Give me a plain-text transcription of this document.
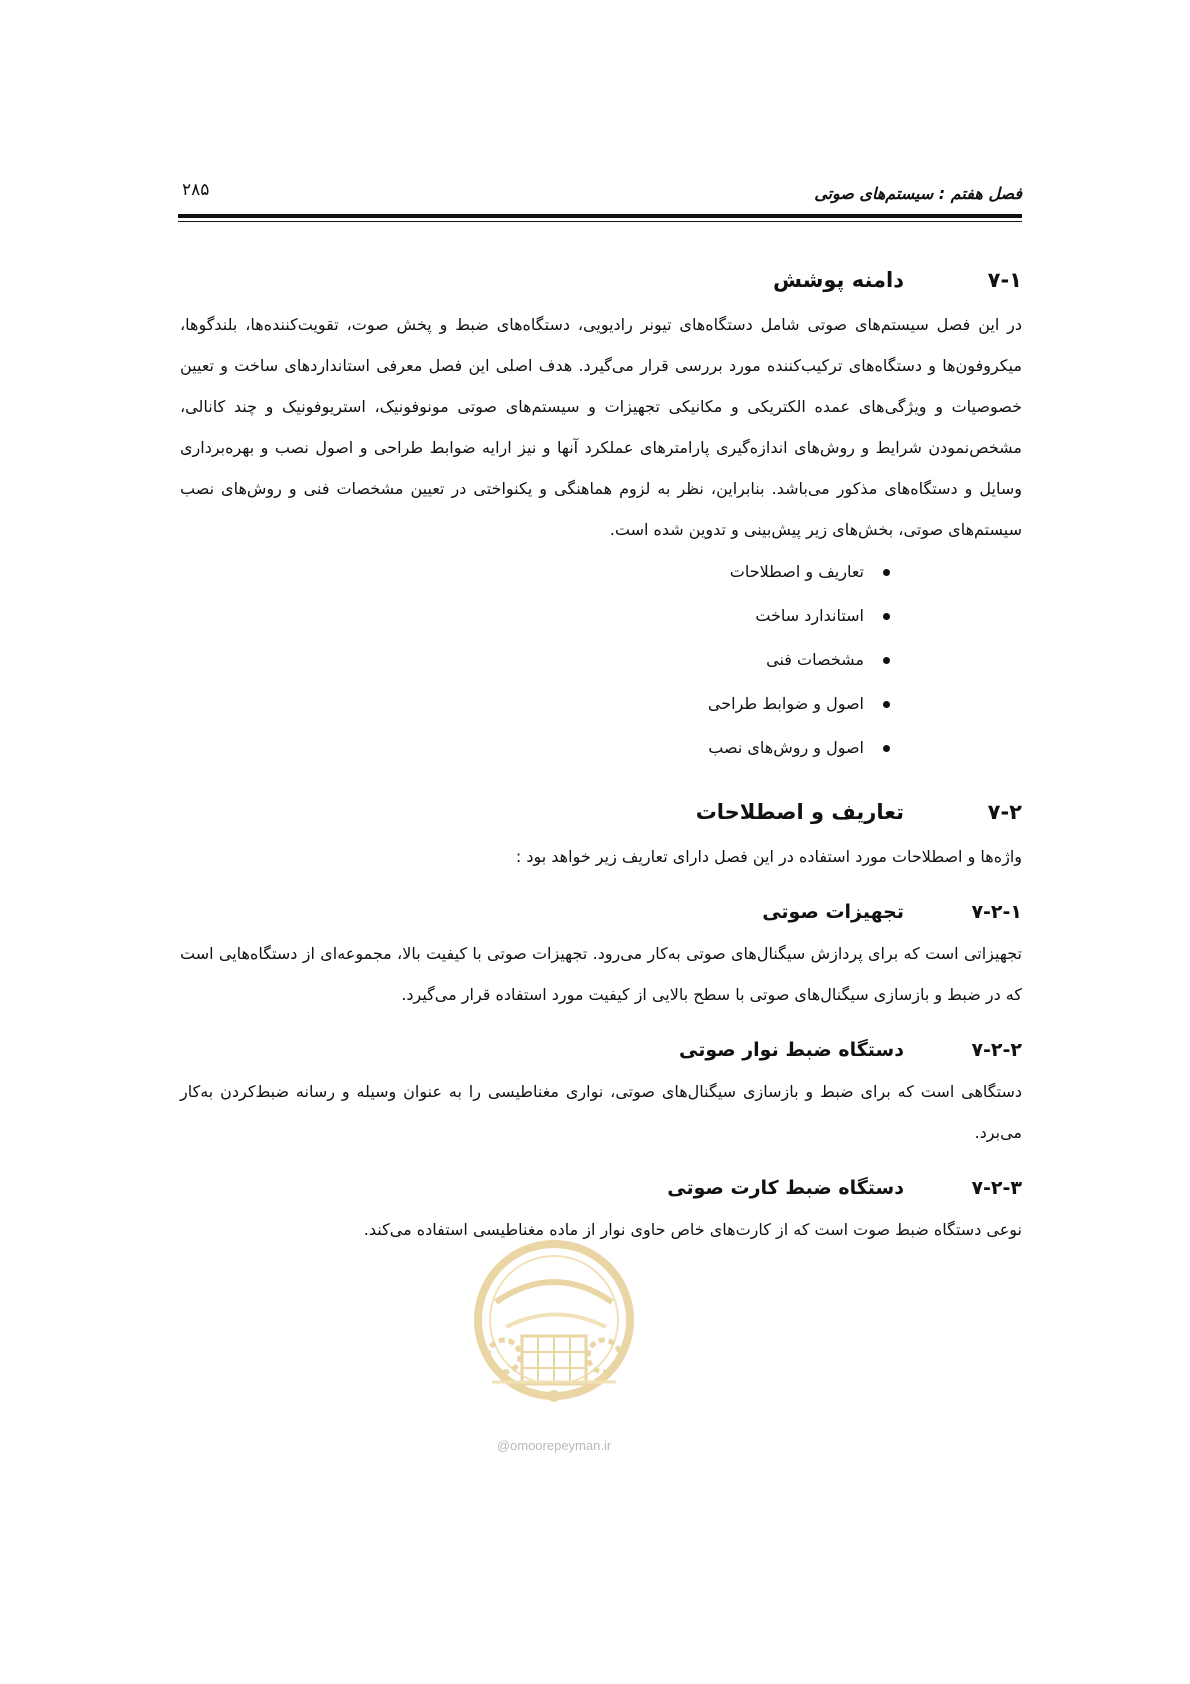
فصل هفتم : سیستم‌های صوتی
۲۸۵
۷-۱
دامنه پوشش

در این فصل سیستم‌های صوتی شامل دستگاه‌های تیونر رادیویی، دستگاه‌های ضبط و پخش صوت، تقویت‌کننده‌ها، بلندگوها، میکروفون‌ها و دستگاه‌های ترکیب‌کننده مورد بررسی قرار می‌گیرد. هدف اصلی این فصل معرفی استانداردهای ساخت و تعیین خصوصیات و ویژگی‌های عمده الکتریکی و مکانیکی تجهیزات و سیستم‌های صوتی مونوفونیک، استریوفونیک و چند کانالی، مشخص‌نمودن شرایط و روش‌های اندازه‌گیری پارامترهای عملکرد آنها و نیز ارایه ضوابط طراحی و اصول نصب و بهره‌برداری وسایل و دستگاه‌های مذکور می‌باشد. بنابراین، نظر به لزوم هماهنگی و یکنواختی در تعیین مشخصات فنی و روش‌های نصب سیستم‌های صوتی، بخش‌های زیر پیش‌بینی و تدوین شده است.

تعاریف و اصطلاحات
استاندارد ساخت
مشخصات فنی
اصول و ضوابط طراحی
اصول و روش‌های نصب
۷-۲
تعاریف و اصطلاحات

واژه‌ها و اصطلاحات مورد استفاده در این فصل دارای تعاریف زیر خواهد بود :

۷-۲-۱
تجهیزات صوتی

تجهیزاتی است که برای پردازش سیگنال‌های صوتی به‌کار می‌رود. تجهیزات صوتی با کیفیت بالا، مجموعه‌ای از دستگاه‌هایی است که در ضبط و بازسازی سیگنال‌های صوتی با سطح بالایی از کیفیت مورد استفاده قرار می‌گیرد.

۷-۲-۲
دستگاه ضبط نوار صوتی

دستگاهی است که برای ضبط و بازسازی سیگنال‌های صوتی، نواری مغناطیسی را به عنوان وسیله و رسانه ضبط‌کردن به‌کار می‌برد.

۷-۲-۳
دستگاه ضبط کارت صوتی

نوعی دستگاه ضبط صوت است که از کارت‌های خاص حاوی نوار از ماده مغناطیسی استفاده می‌کند.

@omoorepeyman.ir
